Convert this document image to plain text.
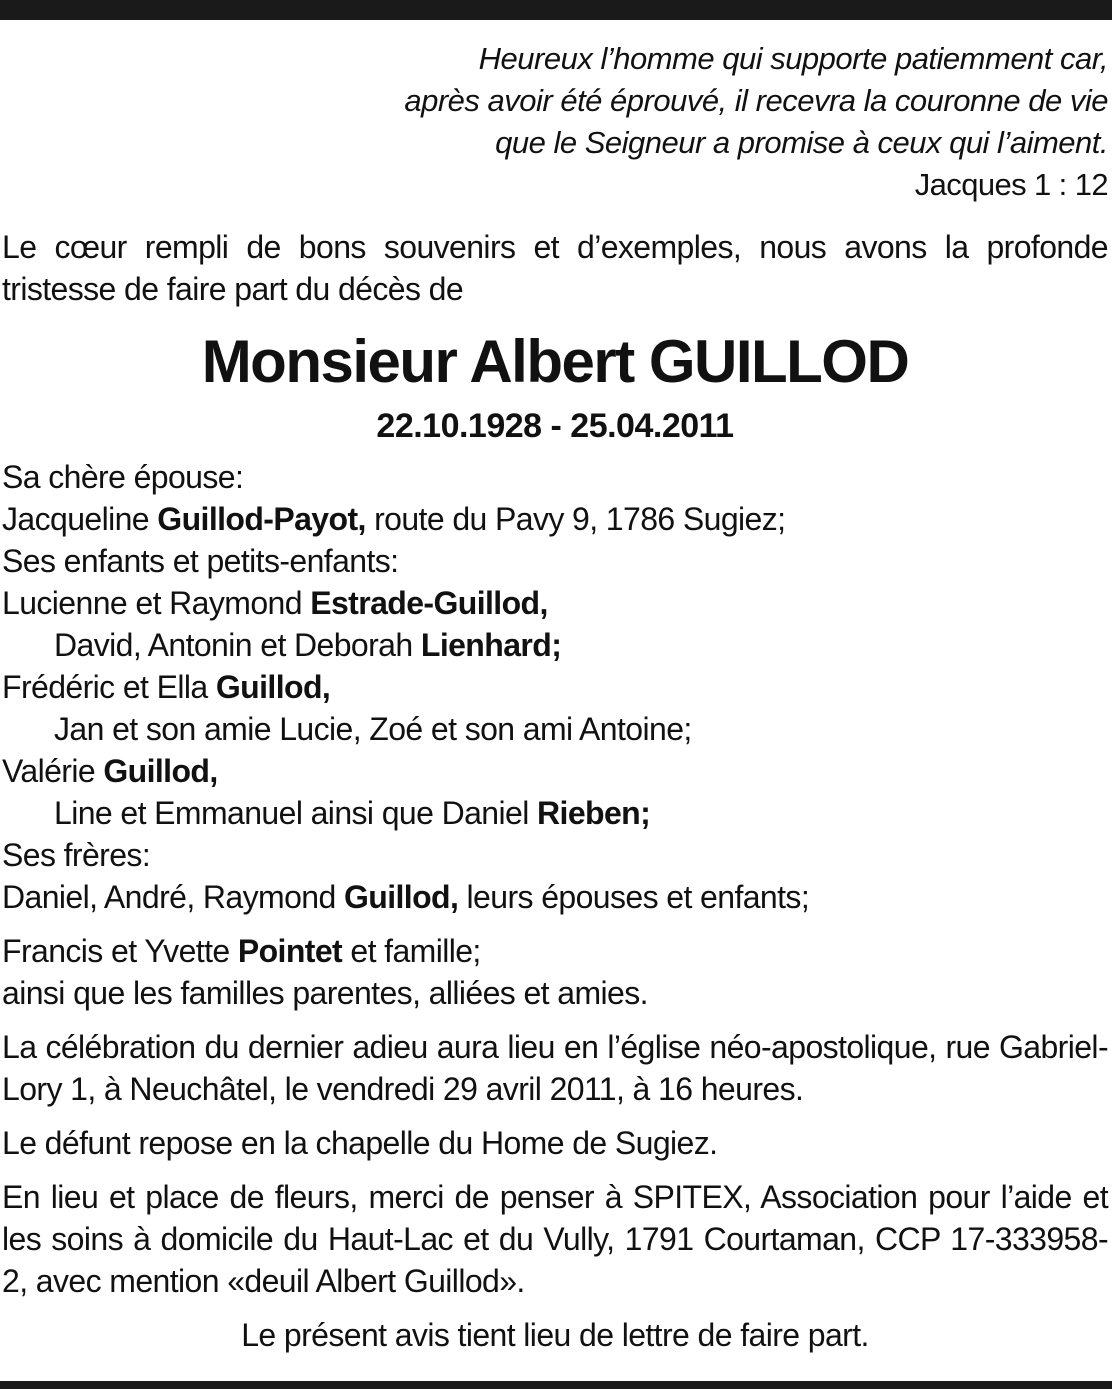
Heureux l’homme qui supporte patiemment car,
après avoir été éprouvé, il recevra la couronne de vie
que le Seigneur a promise à ceux qui l’aiment.
Jacques 1 : 12
Le cœur rempli de bons souvenirs et d’exemples, nous avons la profonde tristesse de faire part du décès de
Monsieur Albert GUILLOD
22.10.1928 - 25.04.2011
Sa chère épouse:
Jacqueline Guillod-Payot, route du Pavy 9, 1786 Sugiez;
Ses enfants et petits-enfants:
Lucienne et Raymond Estrade-Guillod,
David, Antonin et Deborah Lienhard;
Frédéric et Ella Guillod,
Jan et son amie Lucie, Zoé et son ami Antoine;
Valérie Guillod,
Line et Emmanuel ainsi que Daniel Rieben;
Ses frères:
Daniel, André, Raymond Guillod, leurs épouses et enfants;
Francis et Yvette Pointet et famille;
ainsi que les familles parentes, alliées et amies.
La célébration du dernier adieu aura lieu en l’église néo-apostolique, rue Gabriel-Lory 1, à Neuchâtel, le vendredi 29 avril 2011, à 16 heures.
Le défunt repose en la chapelle du Home de Sugiez.
En lieu et place de fleurs, merci de penser à SPITEX, Association pour l’aide et les soins à domicile du Haut-Lac et du Vully, 1791 Courtaman, CCP 17-333958-2, avec mention «deuil Albert Guillod».
Le présent avis tient lieu de lettre de faire part.
